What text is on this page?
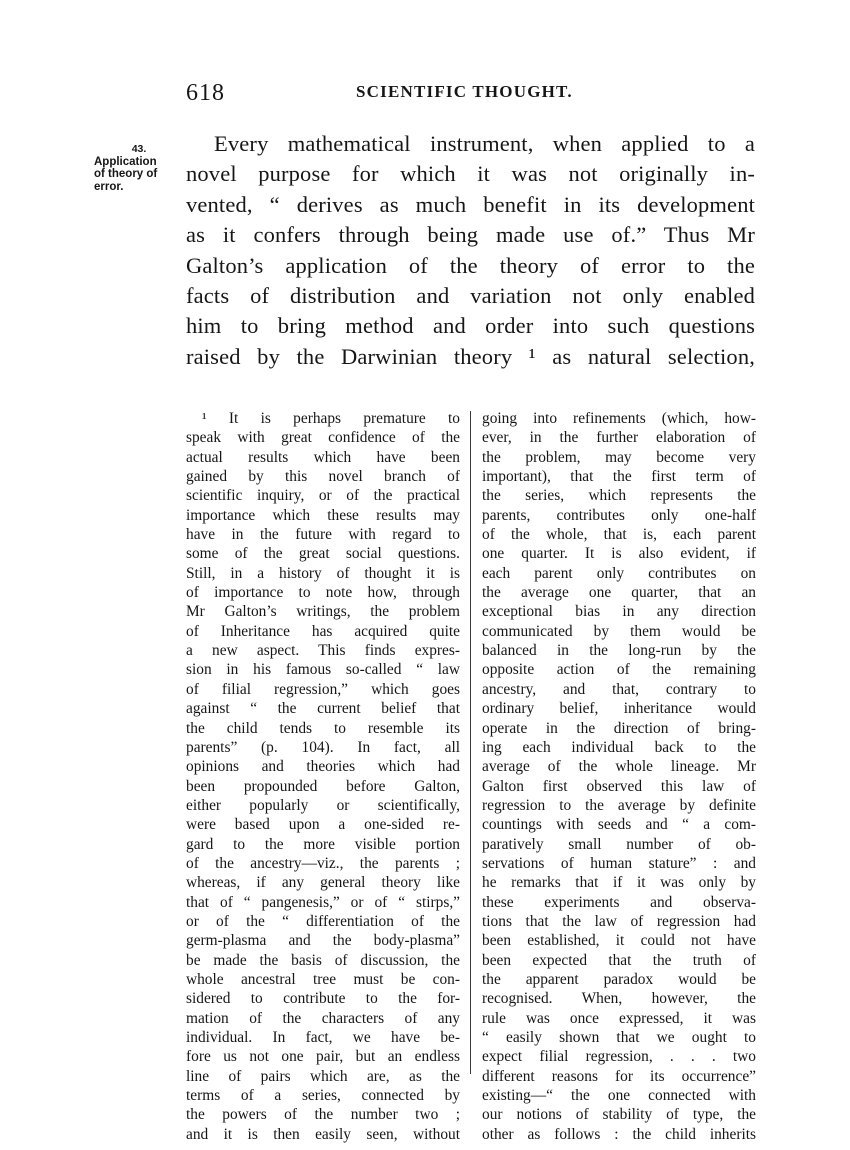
618	SCIENTIFIC THOUGHT.
43.
Application
of theory of
error.
Every mathematical instrument, when applied to a
novel purpose for which it was not originally in-
vented, “ derives as much benefit in its development
as it confers through being made use of.” Thus Mr
Galton’s application of the theory of error to the
facts of distribution and variation not only enabled
him to bring method and order into such questions
raised by the Darwinian theory ¹ as natural selection,
¹ It is perhaps premature to
speak with great confidence of the
actual results which have been
gained by this novel branch of
scientific inquiry, or of the practical
importance which these results may
have in the future with regard to
some of the great social questions.
Still, in a history of thought it is
of importance to note how, through
Mr Galton’s writings, the problem
of Inheritance has acquired quite
a new aspect. This finds expres-
sion in his famous so-called “ law
of filial regression,” which goes
against “ the current belief that
the child tends to resemble its
parents” (p. 104). In fact, all
opinions and theories which had
been propounded before Galton,
either popularly or scientifically,
were based upon a one-sided re-
gard to the more visible portion
of the ancestry—viz., the parents ;
whereas, if any general theory like
that of “ pangenesis,” or of “ stirps,”
or of the “ differentiation of the
germ-plasma and the body-plasma”
be made the basis of discussion, the
whole ancestral tree must be con-
sidered to contribute to the for-
mation of the characters of any
individual. In fact, we have be-
fore us not one pair, but an endless
line of pairs which are, as the
terms of a series, connected by
the powers of the number two ;
and it is then easily seen, without
going into refinements (which, how-
ever, in the further elaboration of
the problem, may become very
important), that the first term of
the series, which represents the
parents, contributes only one-half
of the whole, that is, each parent
one quarter. It is also evident, if
each parent only contributes on
the average one quarter, that an
exceptional bias in any direction
communicated by them would be
balanced in the long-run by the
opposite action of the remaining
ancestry, and that, contrary to
ordinary belief, inheritance would
operate in the direction of bring-
ing each individual back to the
average of the whole lineage. Mr
Galton first observed this law of
regression to the average by definite
countings with seeds and “ a com-
paratively small number of ob-
servations of human stature” : and
he remarks that if it was only by
these experiments and observa-
tions that the law of regression had
been established, it could not have
been expected that the truth of
the apparent paradox would be
recognised. When, however, the
rule was once expressed, it was
“ easily shown that we ought to
expect filial regression, . . . two
different reasons for its occurrence”
existing—“ the one connected with
our notions of stability of type, the
other as follows : the child inherits
